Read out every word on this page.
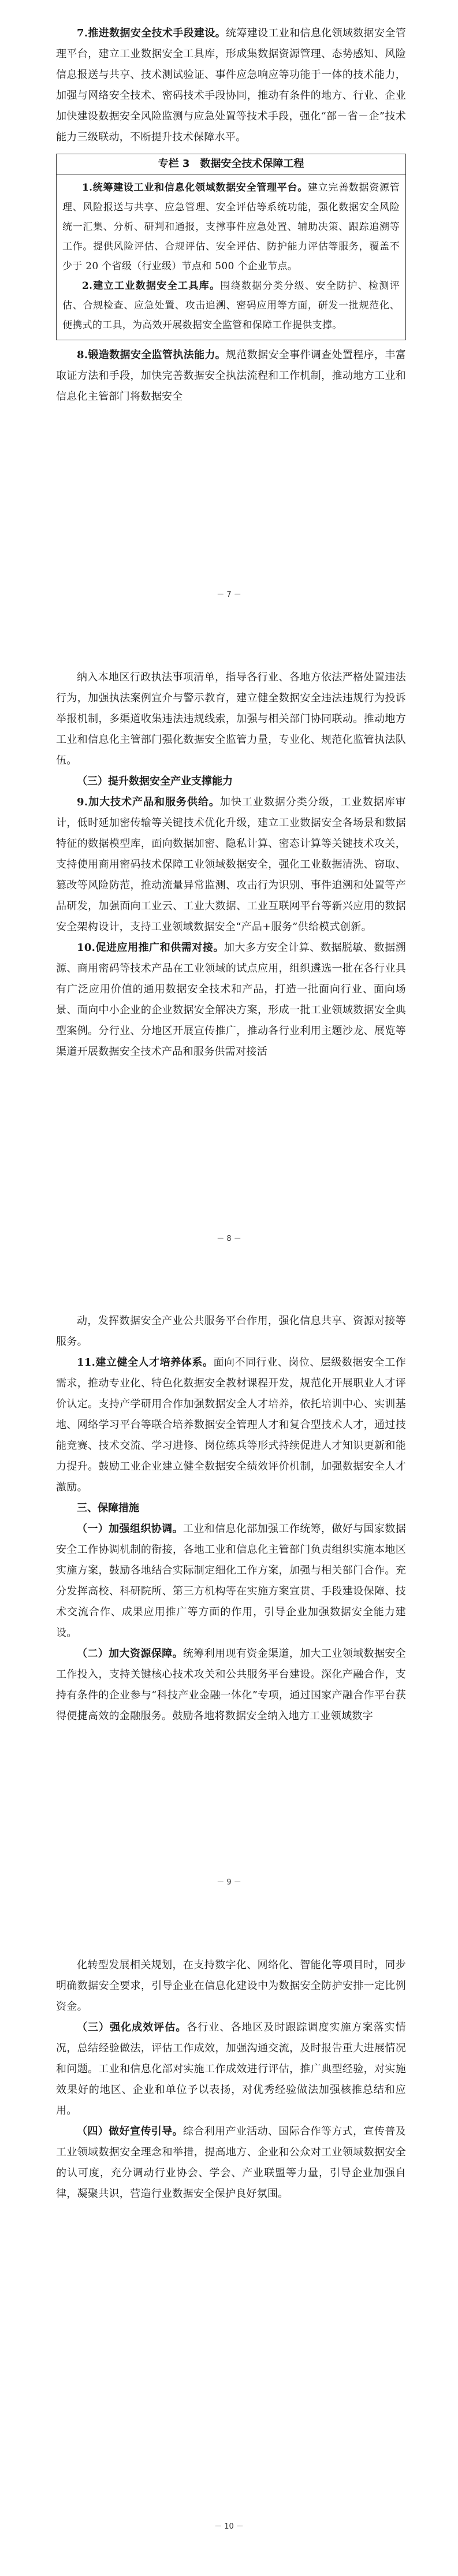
7.推进数据安全技术手段建设。统筹建设工业和信息化领域数据安全管理平台，建立工业数据安全工具库，形成集数据资源管理、态势感知、风险信息报送与共享、技术测试验证、事件应急响应等功能于一体的技术能力，加强与网络安全技术、密码技术手段协同，推动有条件的地方、行业、企业加快建设数据安全风险监测与应急处置等技术手段，强化“部－省－企”技术能力三级联动，不断提升技术保障水平。

专栏 3　数据安全技术保障工程

1.统筹建设工业和信息化领域数据安全管理平台。建立完善数据资源管理、风险报送与共享、应急管理、安全评估等系统功能，强化数据安全风险统一汇集、分析、研判和通报，支撑事件应急处置、辅助决策、跟踪追溯等工作。提供风险评估、合规评估、安全评估、防护能力评估等服务，覆盖不少于 20 个省级（行业级）节点和 500 个企业节点。

2.建立工业数据安全工具库。围绕数据分类分级、安全防护、检测评估、合规检查、应急处置、攻击追溯、密码应用等方面，研发一批规范化、便携式的工具，为高效开展数据安全监管和保障工作提供支撑。

8.锻造数据安全监管执法能力。规范数据安全事件调查处置程序，丰富取证方法和手段，加快完善数据安全执法流程和工作机制，推动地方工业和信息化主管部门将数据安全

－ 7 －

纳入本地区行政执法事项清单，指导各行业、各地方依法严格处置违法行为，加强执法案例宣介与警示教育，建立健全数据安全违法违规行为投诉举报机制，多渠道收集违法违规线索，加强与相关部门协同联动。推动地方工业和信息化主管部门强化数据安全监管力量，专业化、规范化监管执法队伍。

（三）提升数据安全产业支撑能力

9.加大技术产品和服务供给。加快工业数据分类分级，工业数据库审计，低时延加密传输等关键技术优化升级，建立工业数据安全各场景和数据特征的数据模型库，面向数据加密、隐私计算、密态计算等关键技术攻关，支持使用商用密码技术保障工业领域数据安全，强化工业数据清洗、窃取、篡改等风险防范，推动流量异常监测、攻击行为识别、事件追溯和处置等产品研发，加强面向工业云、工业大数据、工业互联网平台等新兴应用的数据安全架构设计，支持工业领域数据安全“产品+服务”供给模式创新。

10.促进应用推广和供需对接。加大多方安全计算、数据脱敏、数据溯源、商用密码等技术产品在工业领域的试点应用，组织遴选一批在各行业具有广泛应用价值的通用数据安全技术和产品，打造一批面向行业、面向场景、面向中小企业的企业数据安全解决方案，形成一批工业领域数据安全典型案例。分行业、分地区开展宣传推广，推动各行业利用主题沙龙、展览等渠道开展数据安全技术产品和服务供需对接活

－ 8 －

动，发挥数据安全产业公共服务平台作用，强化信息共享、资源对接等服务。

11.建立健全人才培养体系。面向不同行业、岗位、层级数据安全工作需求，推动专业化、特色化数据安全教材课程开发，规范化开展职业人才评价认定。支持产学研用合作加强数据安全人才培养，依托培训中心、实训基地、网络学习平台等联合培养数据安全管理人才和复合型技术人才，通过技能竞赛、技术交流、学习进修、岗位练兵等形式持续促进人才知识更新和能力提升。鼓励工业企业建立健全数据安全绩效评价机制，加强数据安全人才激励。

三、保障措施

（一）加强组织协调。工业和信息化部加强工作统筹，做好与国家数据安全工作协调机制的衔接，各地工业和信息化主管部门负责组织实施本地区实施方案，鼓励各地结合实际制定细化工作方案，加强与相关部门合作。充分发挥高校、科研院所、第三方机构等在实施方案宣贯、手段建设保障、技术交流合作、成果应用推广等方面的作用，引导企业加强数据安全能力建设。

（二）加大资源保障。统筹利用现有资金渠道，加大工业领域数据安全工作投入，支持关键核心技术攻关和公共服务平台建设。深化产融合作，支持有条件的企业参与“科技产业金融一体化”专项，通过国家产融合作平台获得便捷高效的金融服务。鼓励各地将数据安全纳入地方工业领域数字

－ 9 －

化转型发展相关规划，在支持数字化、网络化、智能化等项目时，同步明确数据安全要求，引导企业在信息化建设中为数据安全防护安排一定比例资金。

（三）强化成效评估。各行业、各地区及时跟踪调度实施方案落实情况，总结经验做法，评估工作成效，加强沟通交流，及时报告重大进展情况和问题。工业和信息化部对实施工作成效进行评估，推广典型经验，对实施效果好的地区、企业和单位予以表扬，对优秀经验做法加强核推总结和应用。

（四）做好宣传引导。综合利用产业活动、国际合作等方式，宣传普及工业领域数据安全理念和举措，提高地方、企业和公众对工业领域数据安全的认可度，充分调动行业协会、学会、产业联盟等力量，引导企业加强自律，凝聚共识，营造行业数据安全保护良好氛围。

－ 10 －
